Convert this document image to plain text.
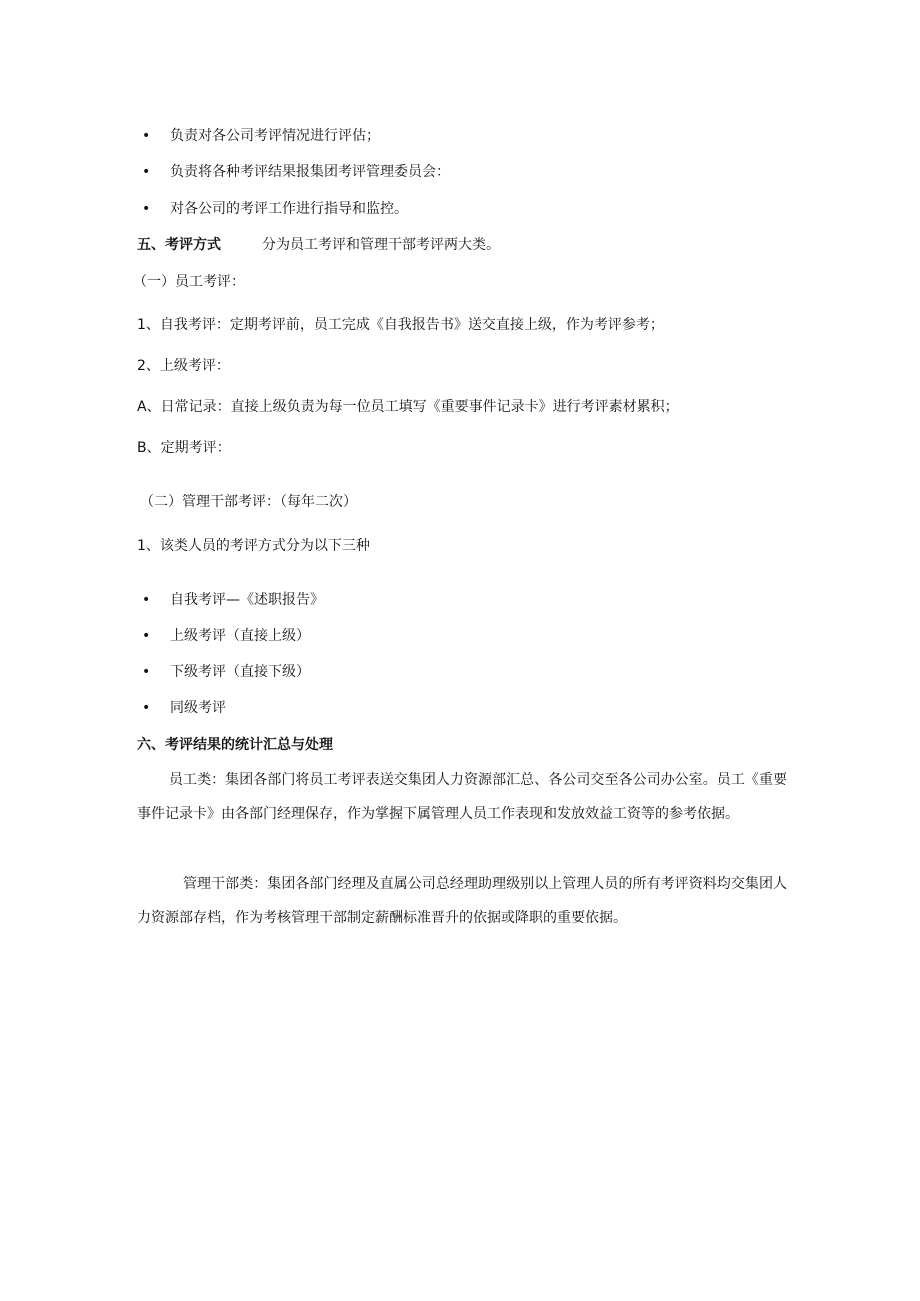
• 负责对各公司考评情况进行评估；
• 负责将各种考评结果报集团考评管理委员会：
• 对各公司的考评工作进行指导和监控。
五、考评方式	分为员工考评和管理干部考评两大类。
（一）员工考评：
1、自我考评：定期考评前，员工完成《自我报告书》送交直接上级，作为考评参考；
2、上级考评：
A、日常记录：直接上级负责为每一位员工填写《重要事件记录卡》进行考评素材累积；
B、定期考评：
（二）管理干部考评：（每年二次）
1、该类人员的考评方式分为以下三种
• 自我考评—《述职报告》
• 上级考评（直接上级）
• 下级考评（直接下级）
• 同级考评
六、考评结果的统计汇总与处理
员工类：集团各部门将员工考评表送交集团人力资源部汇总、各公司交至各公司办公室。员工《重要事件记录卡》由各部门经理保存，作为掌握下属管理人员工作表现和发放效益工资等的参考依据。
管理干部类：集团各部门经理及直属公司总经理助理级别以上管理人员的所有考评资料均交集团人力资源部存档，作为考核管理干部制定薪酬标准晋升的依据或降职的重要依据。
